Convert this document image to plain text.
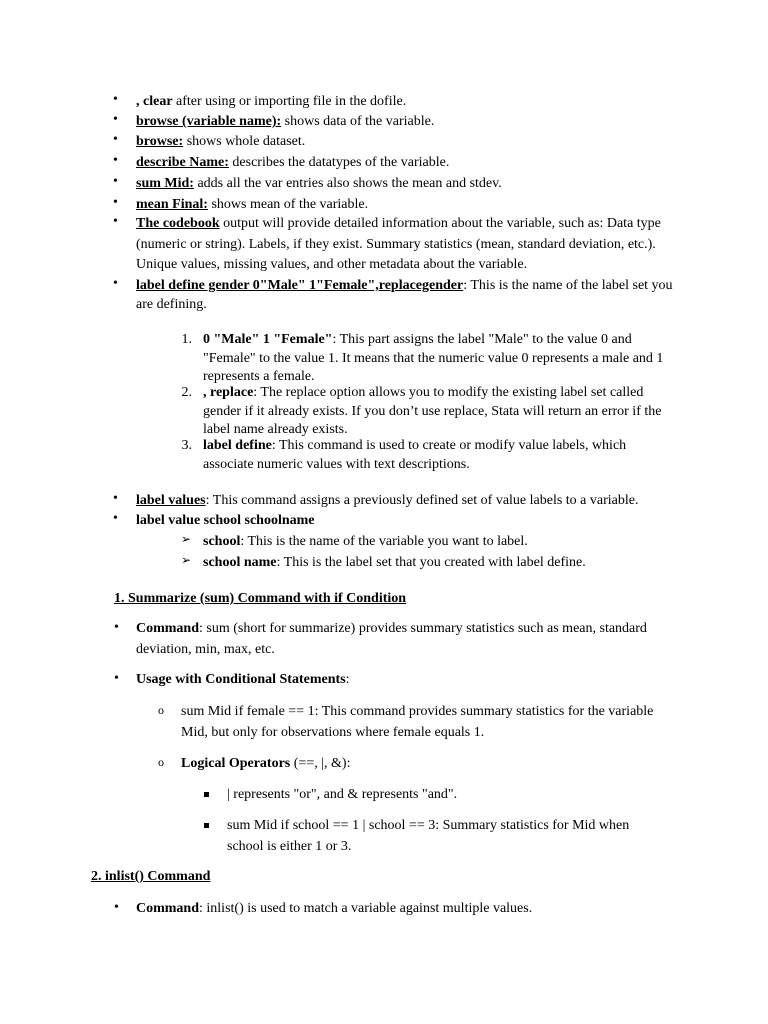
• , clear after using or importing file in the dofile.
• browse (variable name): shows data of the variable.
• browse: shows whole dataset.
• describe Name: describes the datatypes of the variable.
• sum Mid: adds all the var entries also shows the mean and stdev.
• mean Final: shows mean of the variable.
• The codebook output will provide detailed information about the variable, such as: Data type (numeric or string). Labels, if they exist. Summary statistics (mean, standard deviation, etc.). Unique values, missing values, and other metadata about the variable.
• label define gender 0"Male" 1"Female",replacegender: This is the name of the label set you are defining.
1. 0 "Male" 1 "Female": This part assigns the label "Male" to the value 0 and "Female" to the value 1. It means that the numeric value 0 represents a male and 1 represents a female.
2. , replace: The replace option allows you to modify the existing label set called gender if it already exists. If you don’t use replace, Stata will return an error if the label name already exists.
3. label define: This command is used to create or modify value labels, which associate numeric values with text descriptions.
• label values: This command assigns a previously defined set of value labels to a variable.
• label value school schoolname
➢ school: This is the name of the variable you want to label.
➢ school name: This is the label set that you created with label define.
1. Summarize (sum) Command with if Condition
• Command: sum (short for summarize) provides summary statistics such as mean, standard deviation, min, max, etc.
• Usage with Conditional Statements:
o sum Mid if female == 1: This command provides summary statistics for the variable Mid, but only for observations where female equals 1.
o Logical Operators (==, |, &):
| represents "or", and & represents "and".
sum Mid if school == 1 | school == 3: Summary statistics for Mid when school is either 1 or 3.
2. inlist() Command
• Command: inlist() is used to match a variable against multiple values.
